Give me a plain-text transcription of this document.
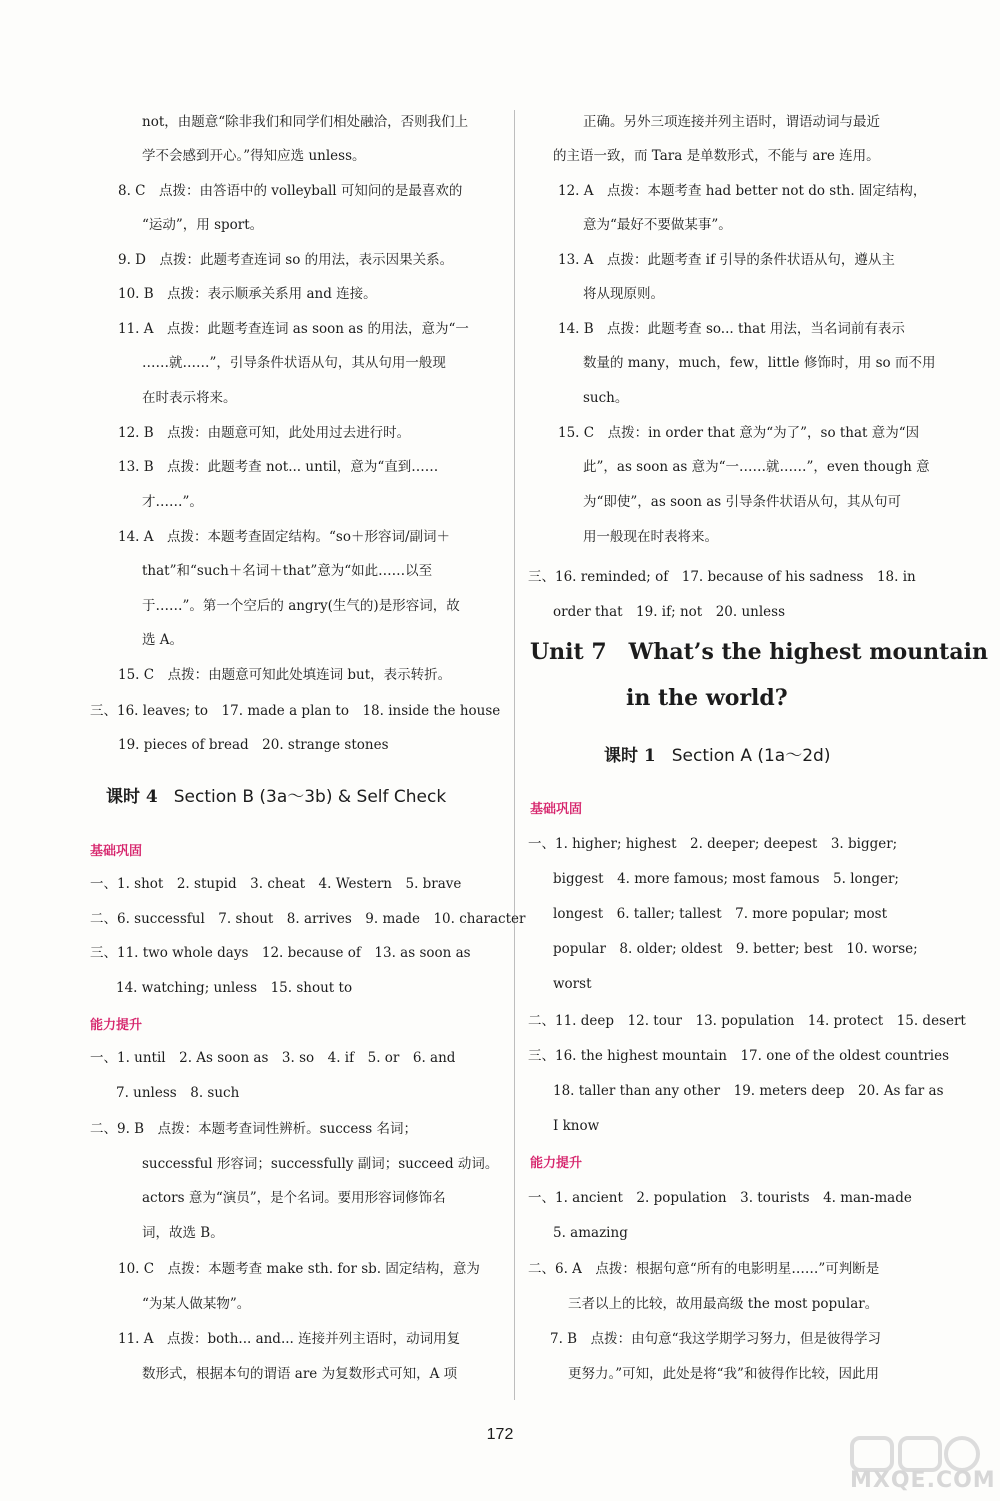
not，由题意“除非我们和同学们相处融洽，否则我们上
学不会感到开心。”得知应选 unless。
8. C　点拨：由答语中的 volleyball 可知问的是最喜欢的
“运动”，用 sport。
9. D　点拨：此题考查连词 so 的用法，表示因果关系。
10. B　点拨：表示顺承关系用 and 连接。
11. A　点拨：此题考查连词 as soon as 的用法，意为“一
……就……”，引导条件状语从句，其从句用一般现
在时表示将来。
12. B　点拨：由题意可知，此处用过去进行时。
13. B　点拨：此题考查 not... until，意为“直到……
才……”。
14. A　点拨：本题考查固定结构。“so＋形容词/副词＋
that”和“such＋名词＋that”意为“如此……以至
于……”。第一个空后的 angry(生气的)是形容词，故
选 A。
15. C　点拨：由题意可知此处填连词 but，表示转折。
三、16. leaves; to　17. made a plan to　18. inside the house
19. pieces of bread　20. strange stones
课时 4 Section B (3a～3b) & Self Check
基础巩固
一、1. shot　2. stupid　3. cheat　4. Western　5. brave
二、6. successful　7. shout　8. arrives　9. made　10. character
三、11. two whole days　12. because of　13. as soon as
14. watching; unless　15. shout to
能力提升
一、1. until　2. As soon as　3. so　4. if　5. or　6. and
7. unless　8. such
二、9. B　点拨：本题考查词性辨析。success 名词；
successful 形容词；successfully 副词；succeed 动词。
actors 意为“演员”，是个名词。要用形容词修饰名
词，故选 B。
10. C　点拨：本题考查 make sth. for sb. 固定结构，意为
“为某人做某物”。
11. A　点拨：both... and... 连接并列主语时，动词用复
数形式，根据本句的谓语 are 为复数形式可知，A 项
正确。另外三项连接并列主语时，谓语动词与最近
的主语一致，而 Tara 是单数形式，不能与 are 连用。
12. A　点拨：本题考查 had better not do sth. 固定结构，
意为“最好不要做某事”。
13. A　点拨：此题考查 if 引导的条件状语从句，遵从主
将从现原则。
14. B　点拨：此题考查 so... that 用法，当名词前有表示
数量的 many，much，few，little 修饰时，用 so 而不用
such。
15. C　点拨：in order that 意为“为了”，so that 意为“因
此”，as soon as 意为“一……就……”，even though 意
为“即使”，as soon as 引导条件状语从句，其从句可
用一般现在时表将来。
三、16. reminded; of　17. because of his sadness　18. in
order that　19. if; not　20. unless
Unit 7　What’s the highest mountain
in the world?
课时 1 Section A (1a～2d)
基础巩固
一、1. higher; highest　2. deeper; deepest　3. bigger;
biggest　4. more famous; most famous　5. longer;
longest　6. taller; tallest　7. more popular; most
popular　8. older; oldest　9. better; best　10. worse;
worst
二、11. deep　12. tour　13. population　14. protect　15. desert
三、16. the highest mountain　17. one of the oldest countries
18. taller than any other　19. meters deep　20. As far as
I know
能力提升
一、1. ancient　2. population　3. tourists　4. man-made
5. amazing
二、6. A　点拨：根据句意“所有的电影明星……”可判断是
三者以上的比较，故用最高级 the most popular。
7. B　点拨：由句意“我这学期学习努力，但是彼得学习
更努力。”可知，此处是将“我”和彼得作比较，因此用
172
MXQE.COM
